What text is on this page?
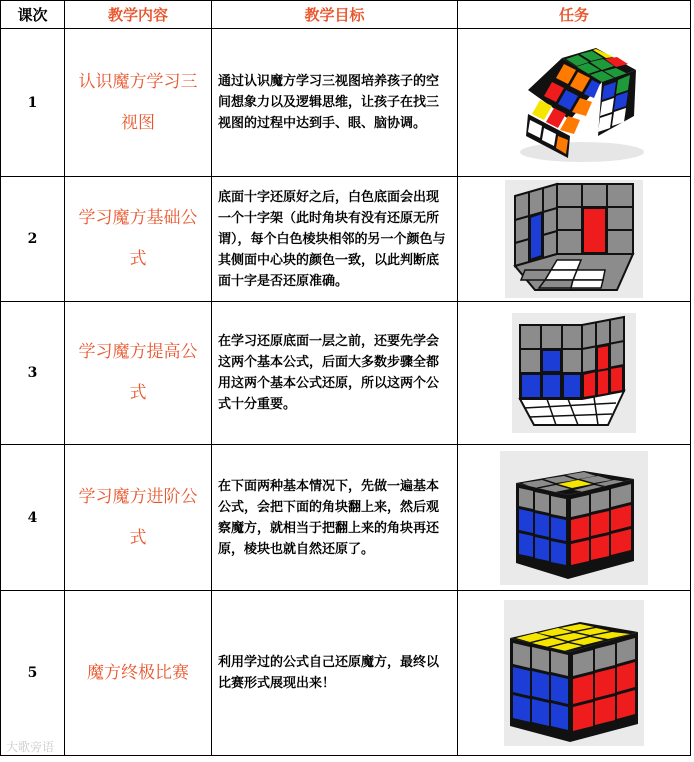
课次	教学内容	教学目标	任务
1	认识魔方学习三视图	通过认识魔方学习三视图培养孩子的空间想象力以及逻辑思维，让孩子在找三视图的过程中达到手、眼、脑协调。	

2	学习魔方基础公式	底面十字还原好之后，白色底面会出现一个十字架（此时角块有没有还原无所谓），每个白色棱块相邻的另一个颜色与其侧面中心块的颜色一致，以此判断底面十字是否还原准确。	

3	学习魔方提高公式	在学习还原底面一层之前，还要先学会这两个基本公式，后面大多数步骤全都用这两个基本公式还原，所以这两个公式十分重要。	

4	学习魔方进阶公式	在下面两种基本情况下，先做一遍基本公式，会把下面的角块翻上来，然后观察魔方，就相当于把翻上来的角块再还原，棱块也就自然还原了。	

5	魔方终极比赛	利用学过的公式自己还原魔方，最终以比赛形式展现出来！	
大歌旁语
